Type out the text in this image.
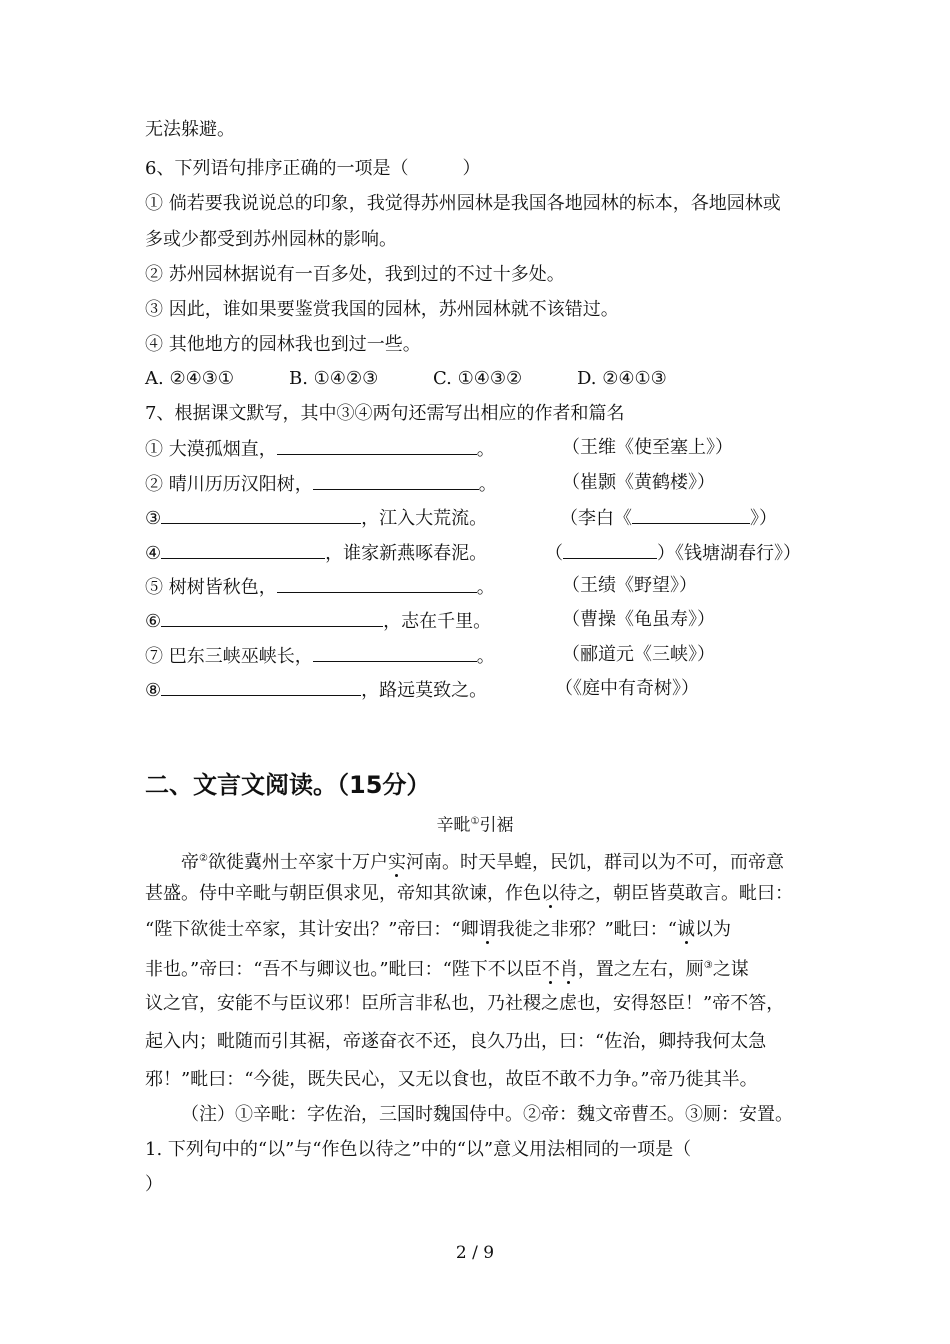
无法躲避。

6、下列语句排序正确的一项是（　　　）

① 倘若要我说说总的印象，我觉得苏州园林是我国各地园林的标本，各地园林或

多或少都受到苏州园林的影响。

② 苏州园林据说有一百多处，我到过的不过十多处。

③ 因此，谁如果要鉴赏我国的园林，苏州园林就不该错过。

④ 其他地方的园林我也到过一些。

A. ②④③①	B. ①④②③	C. ①④③②	D. ②④①③

7、根据课文默写，其中③④两句还需写出相应的作者和篇名

① 大漠孤烟直，	。	（王维《使至塞上》）

② 晴川历历汉阳树，	。	（崔颢《黄鹤楼》）

③	，江入大荒流。	（李白《	》）

④	，谁家新燕啄春泥。	（	）《钱塘湖春行》）

⑤ 树树皆秋色，	。	（王绩《野望》）

⑥	，志在千里。	（曹操《龟虽寿》）

⑦ 巴东三峡巫峡长，	。	（郦道元《三峡》）

⑧	，路远莫致之。	（《庭中有奇树》）
二、文言文阅读。（15分）
辛毗①引裾

帝②欲徙冀州士卒家十万户实河南。时天旱蝗，民饥，群司以为不可，而帝意

甚盛。侍中辛毗与朝臣俱求见，帝知其欲谏，作色以待之，朝臣皆莫敢言。毗曰：

“陛下欲徙士卒家，其计安出？”帝曰：“卿谓我徙之非邪？”毗曰：“诚以为

非也。”帝曰：“吾不与卿议也。”毗曰：“陛下不以臣不肖，置之左右，厕③之谋

议之官，安能不与臣议邪！臣所言非私也，乃社稷之虑也，安得怒臣！”帝不答，

起入内；毗随而引其裾，帝遂奋衣不还，良久乃出，曰：“佐治，卿持我何太急

邪！”毗曰：“今徙，既失民心，又无以食也，故臣不敢不力争。”帝乃徙其半。

（注）①辛毗：字佐治，三国时魏国侍中。②帝：魏文帝曹丕。③厕：安置。

1. 下列句中的“以”与“作色以待之”中的“以”意义用法相同的一项是（

）

2 / 9
